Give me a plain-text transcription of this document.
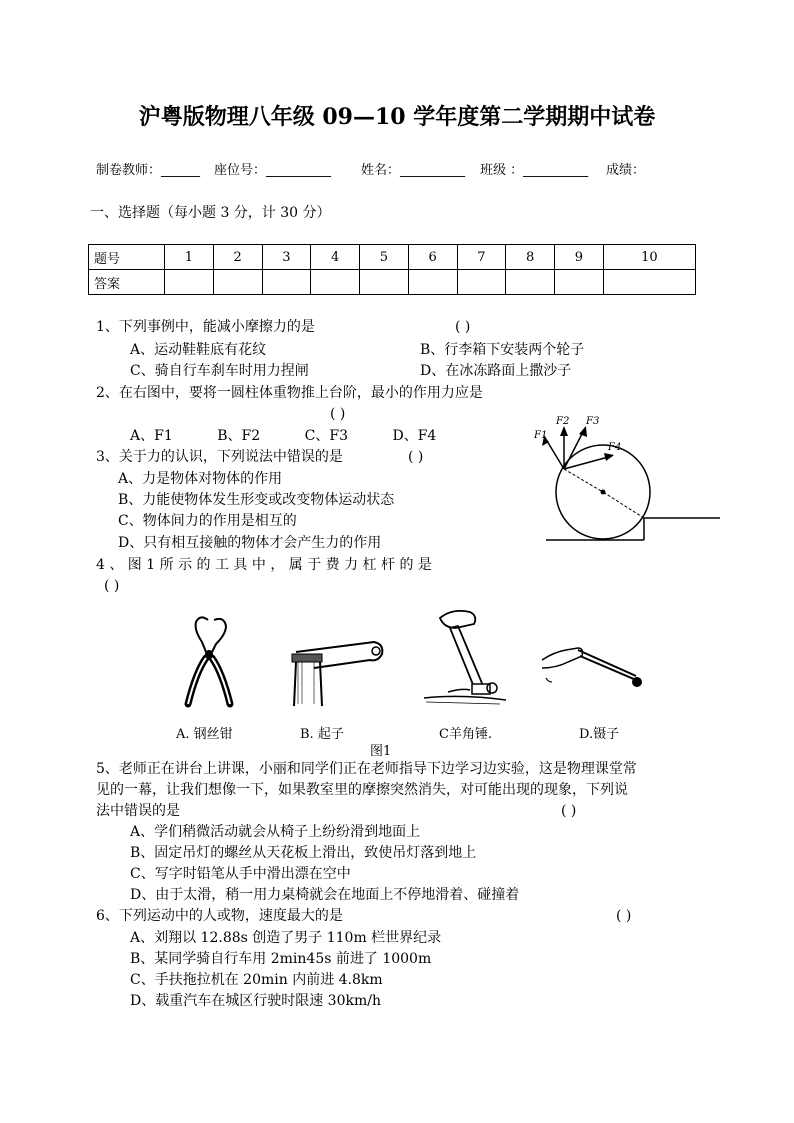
沪粤版物理八年级 09—10 学年度第二学期期中试卷
制卷教师：______ 座位号：__________ 姓名：__________ 班级 ：__________ 成绩：
一、选择题（每小题 3 分，计 30 分）
题号	1	2	3	4	5	6	7	8	9	10
答案										
1、下列事例中，能减小摩擦力的是	( )
A、运动鞋鞋底有花纹	B、行李箱下安装两个轮子
C、骑自行车刹车时用力捏闸	D、在冰冻路面上撒沙子
2、在右图中，要将一圆柱体重物推上台阶，最小的作用力应是
( )
A、F1          B、F2          C、F3          D、F4	F1
F2 F3
F4
3、关于力的认识，下列说法中错误的是	( )
A、力是物体对物体的作用
B、力能使物体发生形变或改变物体运动状态
C、物体间力的作用是相互的
D、只有相互接触的物体才会产生力的作用
4 、 图 1 所 示 的 工 具 中 ， 属 于 费 力 杠 杆 的 是
( )
A. 钢丝钳	B. 起子	C羊角锤.	D.镊子
图1
5、老师正在讲台上讲课，小丽和同学们正在老师指导下边学习边实验，这是物理课堂常
见的一幕，让我们想像一下，如果教室里的摩擦突然消失，对可能出现的现象，下列说
法中错误的是	( )
A、学们稍微活动就会从椅子上纷纷滑到地面上
B、固定吊灯的螺丝从天花板上滑出，致使吊灯落到地上
C、写字时铅笔从手中滑出漂在空中
D、由于太滑，稍一用力桌椅就会在地面上不停地滑着、碰撞着
6、下列运动中的人或物，速度最大的是	( )
A、刘翔以 12.88s 创造了男子 110m 栏世界纪录
B、某同学骑自行车用 2min45s 前进了 1000m
C、手扶拖拉机在 20min 内前进 4.8km
D、载重汽车在城区行驶时限速 30km/h
